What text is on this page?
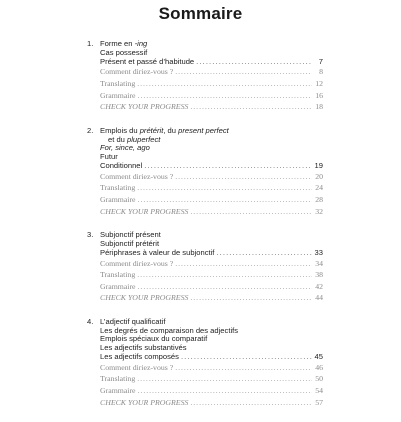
Sommaire
1. Forme en -ing
Cas possessif
Présent et passé d’habitude . . .	7
Comment diriez-vous ? . . .	8
Translating . . .	12
Grammaire . . .	16
CHECK YOUR PROGRESS . . .	18
2. Emplois du prétérit, du present perfect
et du pluperfect
For, since, ago
Futur
Conditionnel . . .	19
Comment diriez-vous ? . . .	20
Translating . . .	24
Grammaire . . .	28
CHECK YOUR PROGRESS . . .	32
3. Subjonctif présent
Subjonctif prétérit
Périphrases à valeur de subjonctif . . .	33
Comment diriez-vous ? . . .	34
Translating . . .	38
Grammaire . . .	42
CHECK YOUR PROGRESS . . .	44
4. L’adjectif qualificatif
Les degrés de comparaison des adjectifs
Emplois spéciaux du comparatif
Les adjectifs substantivés
Les adjectifs composés . . .	45
Comment diriez-vous ? . . .	46
Translating . . .	50
Grammaire . . .	54
CHECK YOUR PROGRESS . . .	57
